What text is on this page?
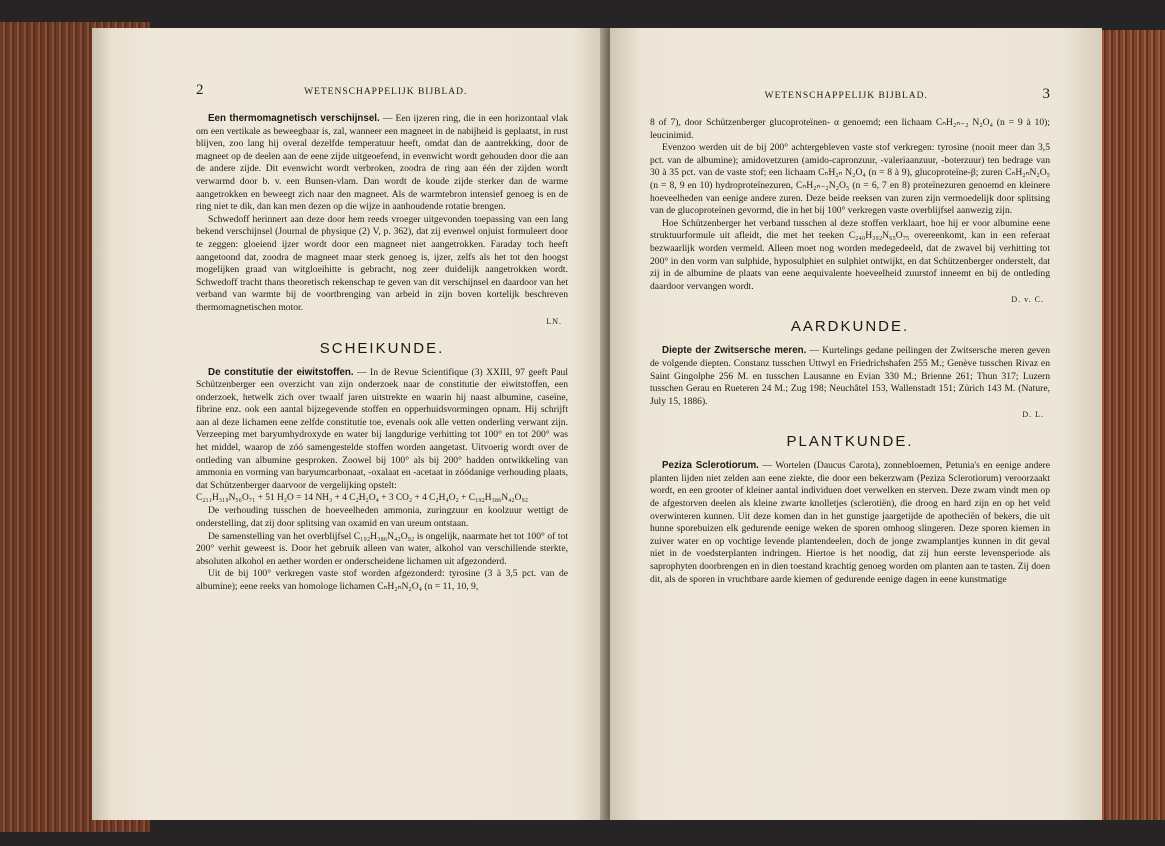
2	WETENSCHAPPELIJK BIJBLAD.

Een thermomagnetisch verschijnsel. — Een ijzeren ring, die in een horizontaal vlak om een vertikale as beweegbaar is, zal, wanneer een magneet in de nabijheid is geplaatst, in rust blijven, zoo lang hij overal dezelfde temperatuur heeft, omdat dan de aantrekking, door de magneet op de deelen aan de eene zijde uitgeoefend, in evenwicht wordt gehouden door die aan de andere zijde. Dit evenwicht wordt verbroken, zoodra de ring aan één der zijden wordt verwarmd door b. v. een Bunsen-vlam. Dan wordt de koude zijde sterker dan de warme aangetrokken en beweegt zich naar den magneet. Als de warmtebron intensief genoeg is en de ring niet te dik, dan kan men dezen op die wijze in aanhoudende rotatie brengen.

Schwedoff herinnert aan deze door hem reeds vroeger uitgevonden toepassing van een lang bekend verschijnsel (Journal de physique (2) V, p. 362), dat zij evenwel onjuist formuleert door te zeggen: gloeiend ijzer wordt door een magneet niet aangetrokken. Faraday toch heeft aangetoond dat, zoodra de magneet maar sterk genoeg is, ijzer, zelfs als het tot den hoogst mogelijken graad van witgloeihitte is gebracht, nog zeer duidelijk aangetrokken wordt. Schwedoff tracht thans theoretisch rekenschap te geven van dit verschijnsel en daardoor van het verband van warmte bij de voortbrenging van arbeid in zijn boven kortelijk beschreven thermomagnetischen motor.

LN.
SCHEIKUNDE.

De constitutie der eiwitstoffen. — In de Revue Scientifique (3) XXIII, 97 geeft Paul Schützenberger een overzicht van zijn onderzoek naar de constitutie der eiwitstoffen, een onderzoek, hetwelk zich over twaalf jaren uitstrekte en waarin hij naast albumine, caseïne, fibrine enz. ook een aantal bijzegevende stoffen en opperhuidsvormingen opnam. Hij schrijft aan al deze lichamen eene zelfde constitutie toe, evenals ook alle vetten onderling verwant zijn. Verzeeping met baryumhydroxyde en water bij langdurige verhitting tot 100° en tot 200° was het middel, waarop de zóó samengestelde stoffen worden aangetast. Uitvoerig wordt over de ontleding van albumine gesproken. Zoowel bij 100° als bij 200° hadden ontwikkeling van ammonia en vorming van baryumcarbonaat, -oxalaat en -acetaat in zóódanige verhouding plaats, dat Schützenberger daarvoor de vergelijking opstelt:

C₂₁₁H₃₁₉N₅₆O₇₁ + 51 H₂O = 14 NH₃ + 4 C₂H₂O₄ + 3 CO₂ + 4 C₂H₄O₂ + C₁₉₂H₃₈₆N₄₂O₉₂

De verhouding tusschen de hoeveelheden ammonia, zuringzuur en koolzuur wettigt de onderstelling, dat zij door splitsing van oxamid en van ureum ontstaan.

De samenstelling van het overblijfsel C₁₉₂H₃₈₆N₄₂O₉₂ is ongelijk, naarmate het tot 100° of tot 200° verhit geweest is. Door het gebruik alleen van water, alkohol van verschillende sterkte, absoluten alkohol en aether worden er onderscheidene lichamen uit afgezonderd.

Uit de bij 100° verkregen vaste stof worden afgezonderd: tyrosine (3 à 3,5 pct. van de albumine); eene reeks van homologe lichamen CₙH₂ₙN₂O₄ (n = 11, 10, 9,

WETENSCHAPPELIJK BIJBLAD.	3

8 of 7), door Schützenberger glucoproteïnen- α genoemd; een lichaam CₙH₂ₙ₋₂ N₂O₄ (n = 9 à 10); leucinimid.

Evenzoo werden uit de bij 200° achtergebleven vaste stof verkregen: tyrosine (nooit meer dan 3,5 pct. van de albumine); amidovetzuren (amido-capronzuur, -valeriaanzuur, -boterzuur) ten bedrage van 30 à 35 pct. van de vaste stof; een lichaam CₙH₂ₙ N₂O₄ (n = 8 à 9), glucoproteïne-β; zuren CₙH₂ₙN₂O₅ (n = 8, 9 en 10) hydroproteïnezuren, CₙH₂ₙ₋₂N₂O₅ (n = 6, 7 en 8) proteïnezuren genoemd en kleinere hoeveelheden van eenige andere zuren. Deze beide reeksen van zuren zijn vermoedelijk door splitsing van de glucoproteïnen gevormd, die in het bij 100° verkregen vaste overblijfsel aanwezig zijn.

Hoe Schützenberger het verband tusschen al deze stoffen verklaart, hoe hij er voor albumine eene struktuurformule uit afleidt, die met het teeken C₂₄₀H₃₉₂N₆₅O₇₅ overeenkomt, kan in een referaat bezwaarlijk worden vermeld. Alleen moet nog worden medegedeeld, dat de zwavel bij verhitting tot 200° in den vorm van sulphide, hyposulphiet en sulphiet ontwijkt, en dat Schützenberger onderstelt, dat zij in de albumine de plaats van eene aequivalente hoeveelheid zuurstof inneemt en bij de ontleding daardoor vervangen wordt.

D. v. C.
AARDKUNDE.

Diepte der Zwitsersche meren. — Kurtelings gedane peilingen der Zwitsersche meren geven de volgende diepten. Constanz tusschen Uttwyl en Friedrichshafen 255 M.; Genève tusschen Rivaz en Saint Gingolphe 256 M. en tusschen Lausanne en Evian 330 M.; Brienne 261; Thun 317; Luzern tusschen Gerau en Rueteren 24 M.; Zug 198; Neuchâtel 153, Wallenstadt 151; Zürich 143 M. (Nature, July 15, 1886).

D. L.
PLANTKUNDE.

Peziza Sclerotiorum. — Wortelen (Daucus Carota), zonnebloemen, Petunia's en eenige andere planten lijden niet zelden aan eene ziekte, die door een bekerzwam (Peziza Sclerotiorum) veroorzaakt wordt, en een grooter of kleiner aantal individuen doet verwelken en sterven. Deze zwam vindt men op de afgestorven deelen als kleine zwarte knolletjes (sclerotiën), die droog en hard zijn en op het veld overwinteren kunnen. Uit deze komen dan in het gunstige jaargetijde de apotheciën of bekers, die uit hunne sporebuizen elk gedurende eenige weken de sporen omhoog slingeren. Deze sporen kiemen in zuiver water en op vochtige levende plantendeelen, doch de jonge zwamplantjes kunnen in dit geval niet in de voedsterplanten indringen. Hiertoe is het noodig, dat zij hun eerste levensperiode als saprophyten doorbrengen en in dien toestand krachtig genoeg worden om planten aan te tasten. Zij doen dit, als de sporen in vruchtbare aarde kiemen of gedurende eenige dagen in eene kunstmatige
